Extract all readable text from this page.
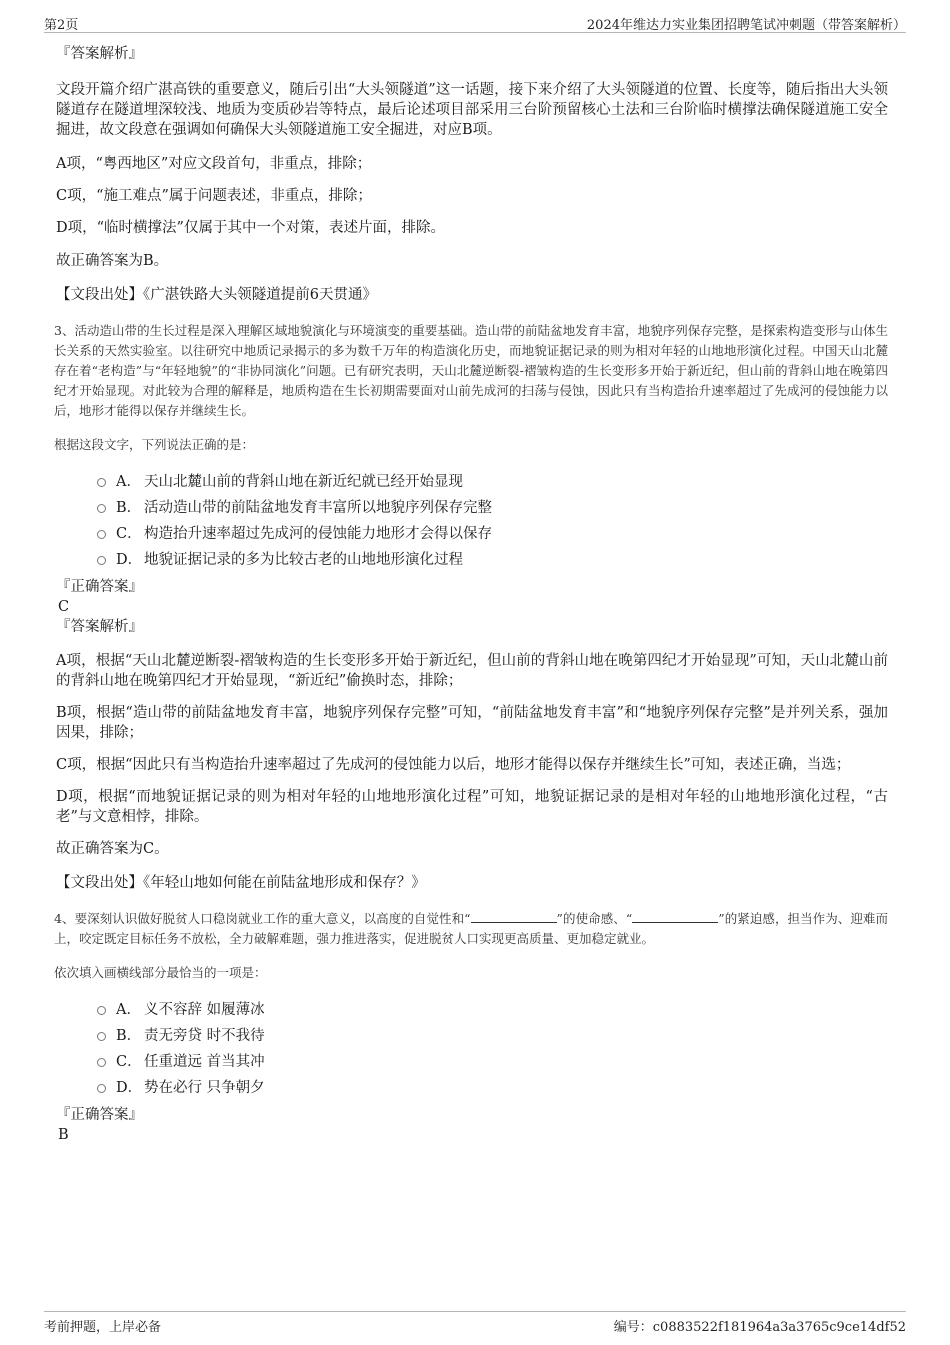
第2页	2024年维达力实业集团招聘笔试冲刺题（带答案解析）

『答案解析』

文段开篇介绍广湛高铁的重要意义，随后引出“大头领隧道”这一话题，接下来介绍了大头领隧道的位置、长度等，随后指出大头领隧道存在隧道埋深较浅、地质为变质砂岩等特点，最后论述项目部采用三台阶预留核心土法和三台阶临时横撑法确保隧道施工安全掘进，故文段意在强调如何确保大头领隧道施工安全掘进，对应B项。

A项，“粤西地区”对应文段首句，非重点，排除；

C项，“施工难点”属于问题表述，非重点，排除；

D项，“临时横撑法”仅属于其中一个对策，表述片面，排除。

故正确答案为B。

【文段出处】《广湛铁路大头领隧道提前6天贯通》

3、活动造山带的生长过程是深入理解区域地貌演化与环境演变的重要基础。造山带的前陆盆地发育丰富，地貌序列保存完整，是探索构造变形与山体生长关系的天然实验室。以往研究中地质记录揭示的多为数千万年的构造演化历史，而地貌证据记录的则为相对年轻的山地地形演化过程。中国天山北麓存在着“老构造”与“年轻地貌”的“非协同演化”问题。已有研究表明，天山北麓逆断裂-褶皱构造的生长变形多开始于新近纪，但山前的背斜山地在晚第四纪才开始显现。对此较为合理的解释是，地质构造在生长初期需要面对山前先成河的扫荡与侵蚀，因此只有当构造抬升速率超过了先成河的侵蚀能力以后，地形才能得以保存并继续生长。

根据这段文字，下列说法正确的是：

A． 天山北麓山前的背斜山地在新近纪就已经开始显现
B． 活动造山带的前陆盆地发育丰富所以地貌序列保存完整
C． 构造抬升速率超过先成河的侵蚀能力地形才会得以保存
D． 地貌证据记录的多为比较古老的山地地形演化过程

『正确答案』

C

『答案解析』

A项，根据“天山北麓逆断裂-褶皱构造的生长变形多开始于新近纪，但山前的背斜山地在晚第四纪才开始显现”可知，天山北麓山前的背斜山地在晚第四纪才开始显现，“新近纪”偷换时态，排除；

B项，根据“造山带的前陆盆地发育丰富，地貌序列保存完整”可知，“前陆盆地发育丰富”和“地貌序列保存完整”是并列关系，强加因果，排除；

C项，根据“因此只有当构造抬升速率超过了先成河的侵蚀能力以后，地形才能得以保存并继续生长”可知，表述正确，当选；

D项，根据“而地貌证据记录的则为相对年轻的山地地形演化过程”可知，地貌证据记录的是相对年轻的山地地形演化过程，“古老”与文意相悖，排除。

故正确答案为C。

【文段出处】《年轻山地如何能在前陆盆地形成和保存？》

4、要深刻认识做好脱贫人口稳岗就业工作的重大意义，以高度的自觉性和“	”的使命感、“	”的紧迫感，担当作为、迎难而上，咬定既定目标任务不放松，全力破解难题，强力推进落实，促进脱贫人口实现更高质量、更加稳定就业。

依次填入画横线部分最恰当的一项是：

A． 义不容辞 如履薄冰
B． 责无旁贷 时不我待
C． 任重道远 首当其冲
D． 势在必行 只争朝夕

『正确答案』

B

考前押题，上岸必备	编号：c0883522f181964a3a3765c9ce14df52
